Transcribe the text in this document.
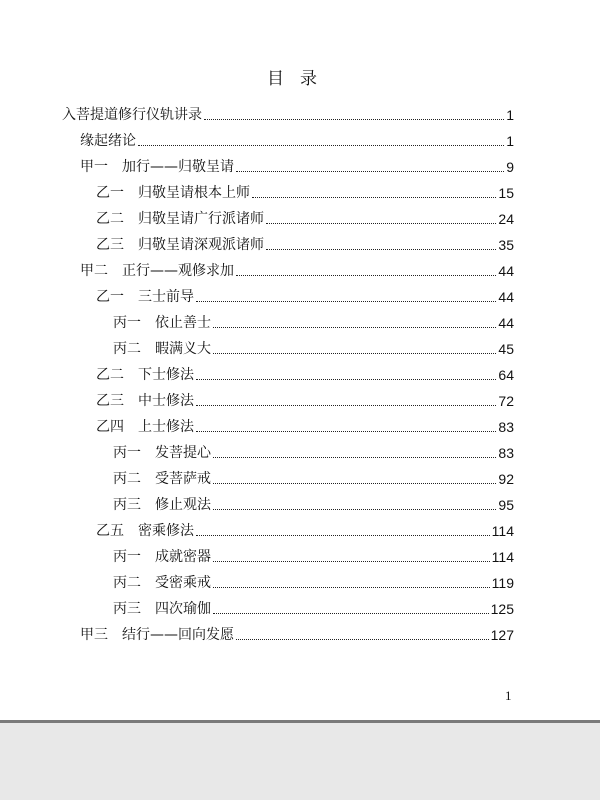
目录
入菩提道修行仪轨讲录	1
缘起绪论	1
甲一　加行——归敬呈请	9
乙一　归敬呈请根本上师	15
乙二　归敬呈请广行派诸师	24
乙三　归敬呈请深观派诸师	35
甲二　正行——观修求加	44
乙一　三士前导	44
丙一　依止善士	44
丙二　暇满义大	45
乙二　下士修法	64
乙三　中士修法	72
乙四　上士修法	83
丙一　发菩提心	83
丙二　受菩萨戒	92
丙三　修止观法	95
乙五　密乘修法	114
丙一　成就密器	114
丙二　受密乘戒	119
丙三　四次瑜伽	125
甲三　结行——回向发愿	127
1
